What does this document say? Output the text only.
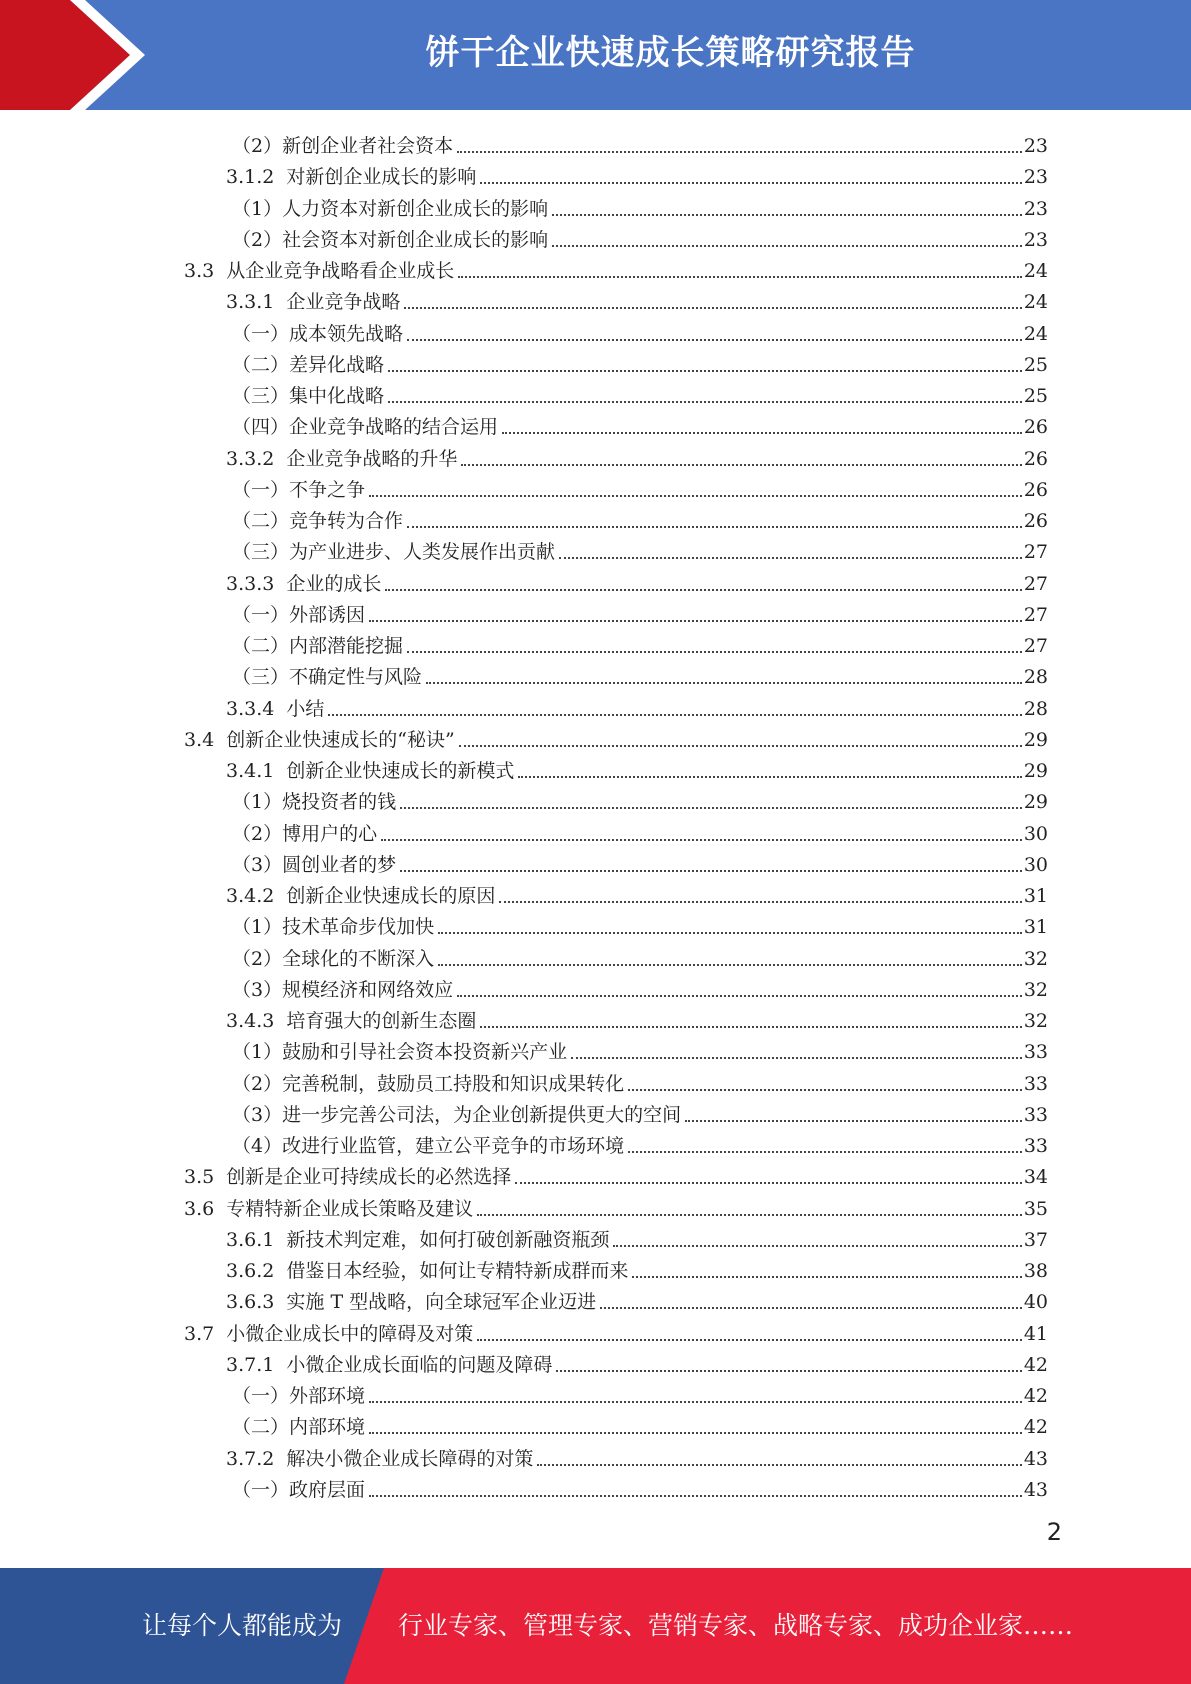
饼干企业快速成长策略研究报告
（2）新创企业者社会资本	23
3.1.2  对新创企业成长的影响	23
（1）人力资本对新创企业成长的影响	23
（2）社会资本对新创企业成长的影响	23
3.3  从企业竞争战略看企业成长	24
3.3.1  企业竞争战略	24
（一）成本领先战略	24
（二）差异化战略	25
（三）集中化战略	25
（四）企业竞争战略的结合运用	26
3.3.2  企业竞争战略的升华	26
（一）不争之争	26
（二）竞争转为合作	26
（三）为产业进步、人类发展作出贡献	27
3.3.3  企业的成长	27
（一）外部诱因	27
（二）内部潜能挖掘	27
（三）不确定性与风险	28
3.3.4  小结	28
3.4  创新企业快速成长的“秘诀”	29
3.4.1  创新企业快速成长的新模式	29
（1）烧投资者的钱	29
（2）博用户的心	30
（3）圆创业者的梦	30
3.4.2  创新企业快速成长的原因	31
（1）技术革命步伐加快	31
（2）全球化的不断深入	32
（3）规模经济和网络效应	32
3.4.3  培育强大的创新生态圈	32
（1）鼓励和引导社会资本投资新兴产业	33
（2）完善税制，鼓励员工持股和知识成果转化	33
（3）进一步完善公司法，为企业创新提供更大的空间	33
（4）改进行业监管，建立公平竞争的市场环境	33
3.5  创新是企业可持续成长的必然选择	34
3.6  专精特新企业成长策略及建议	35
3.6.1  新技术判定难，如何打破创新融资瓶颈	37
3.6.2  借鉴日本经验，如何让专精特新成群而来	38
3.6.3  实施 T 型战略，向全球冠军企业迈进	40
3.7  小微企业成长中的障碍及对策	41
3.7.1  小微企业成长面临的问题及障碍	42
（一）外部环境	42
（二）内部环境	42
3.7.2  解决小微企业成长障碍的对策	43
（一）政府层面	43
2
让每个人都能成为 行业专家、管理专家、营销专家、战略专家、成功企业家……
